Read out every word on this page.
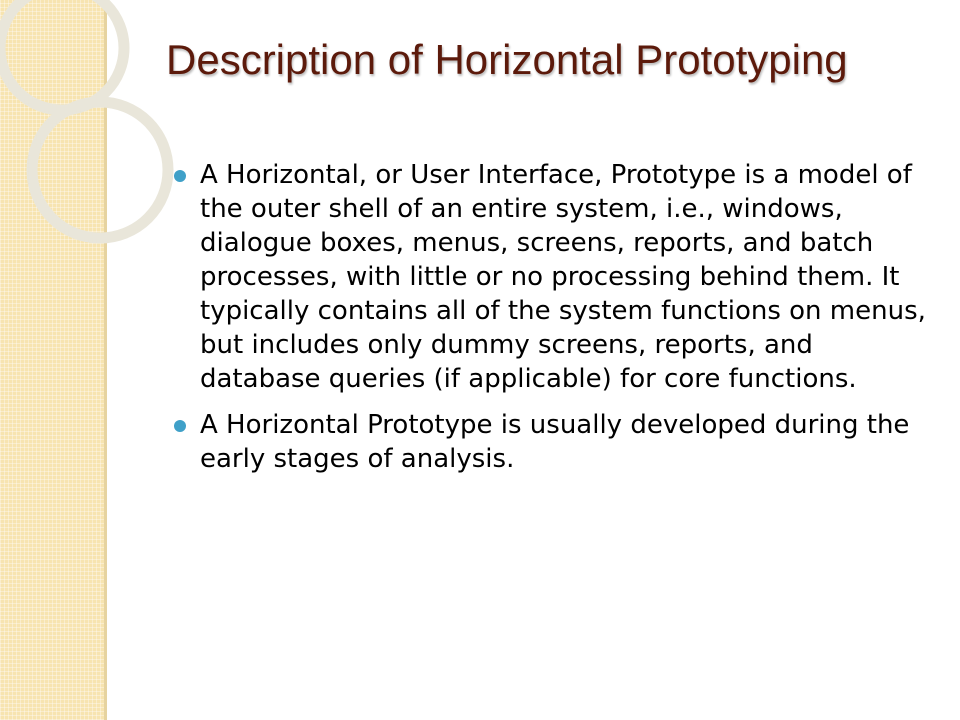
Description of Horizontal Prototyping
A Horizontal, or User Interface, Prototype is a model of the outer shell of an entire system, i.e., windows, dialogue boxes, menus, screens, reports, and batch processes, with little or no processing behind them. It typically contains all of the system functions on menus, but includes only dummy screens, reports, and database queries (if applicable) for core functions.
A Horizontal Prototype is usually developed during the early stages of analysis.
